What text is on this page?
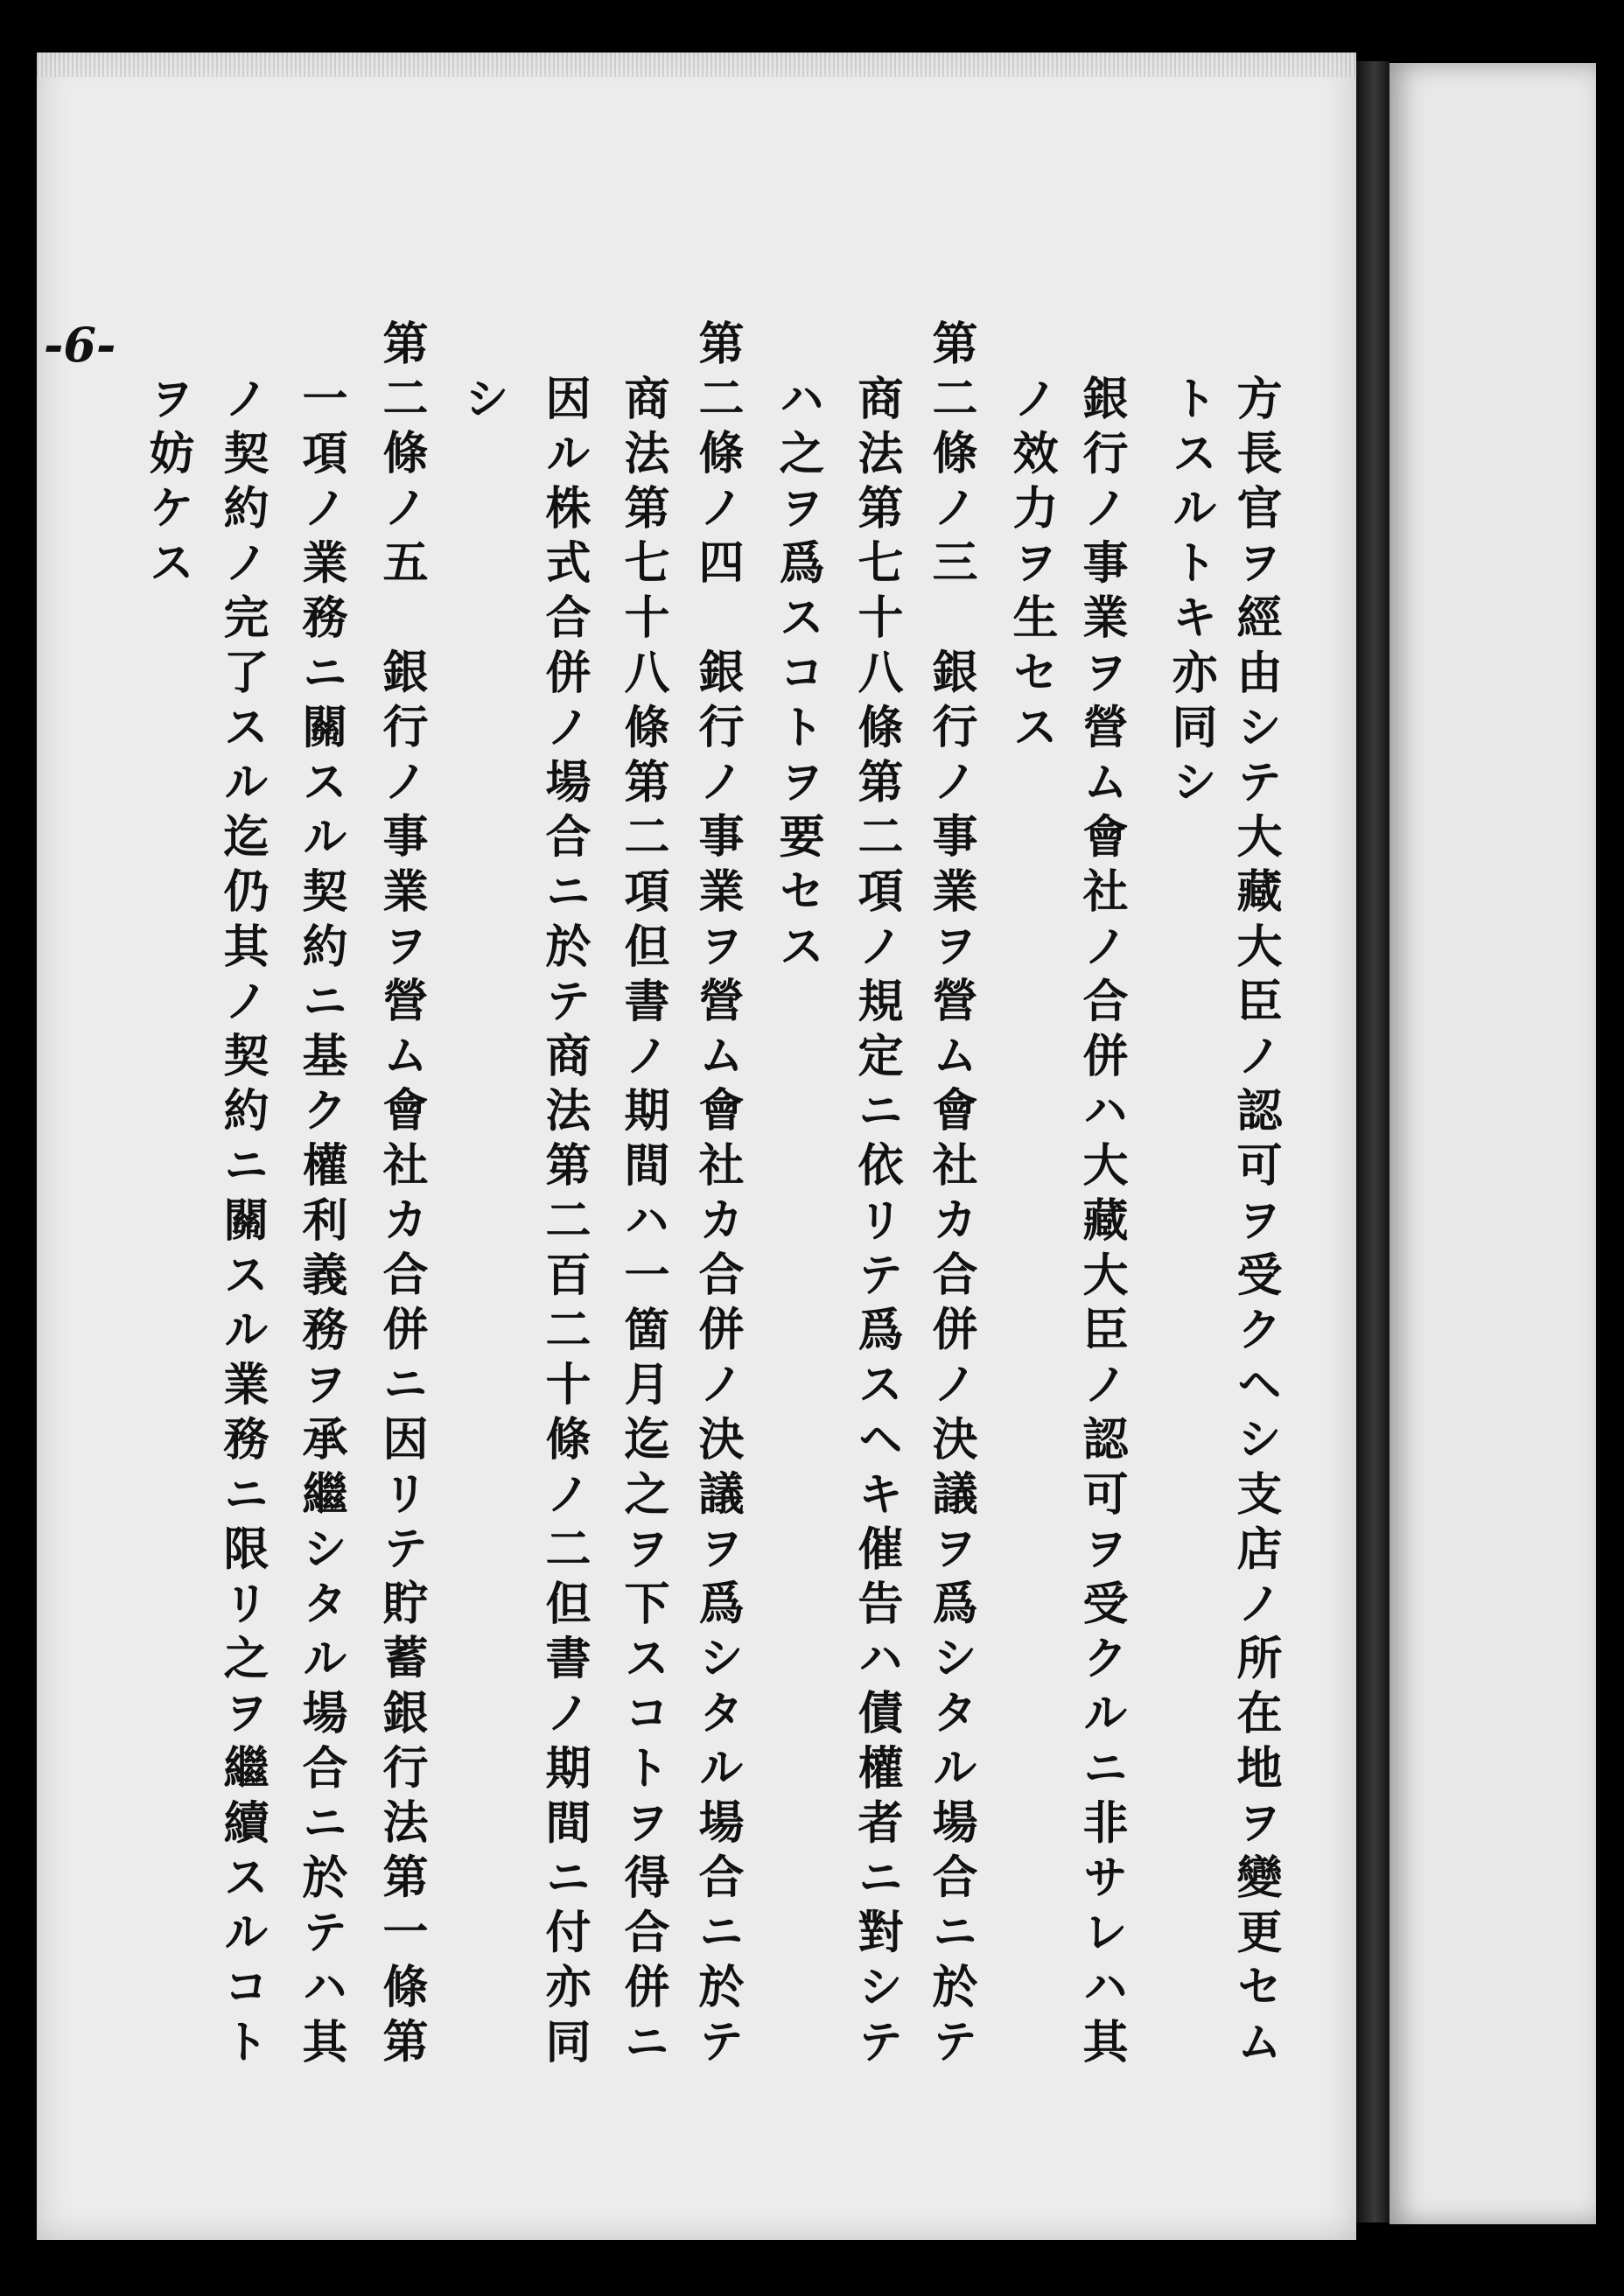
-6-
方長官ヲ經由シテ大藏大臣ノ認可ヲ受クヘシ支店ノ所在地ヲ變更セム
トスルトキ亦同シ
銀行ノ事業ヲ營ム會社ノ合併ハ大藏大臣ノ認可ヲ受クルニ非サレハ其
ノ效力ヲ生セス
第二條ノ三　銀行ノ事業ヲ營ム會社カ合併ノ決議ヲ爲シタル場合ニ於テ
商法第七十八條第二項ノ規定ニ依リテ爲スヘキ催告ハ債權者ニ對シテ
ハ之ヲ爲スコトヲ要セス
第二條ノ四　銀行ノ事業ヲ營ム會社カ合併ノ決議ヲ爲シタル場合ニ於テ
商法第七十八條第二項但書ノ期間ハ一箇月迄之ヲ下スコトヲ得合併ニ
因ル株式合併ノ場合ニ於テ商法第二百二十條ノ二但書ノ期間ニ付亦同
シ
第二條ノ五　銀行ノ事業ヲ營ム會社カ合併ニ因リテ貯蓄銀行法第一條第
一項ノ業務ニ關スル契約ニ基ク權利義務ヲ承繼シタル場合ニ於テハ其
ノ契約ノ完了スル迄仍其ノ契約ニ關スル業務ニ限リ之ヲ繼續スルコト
ヲ妨ケス
